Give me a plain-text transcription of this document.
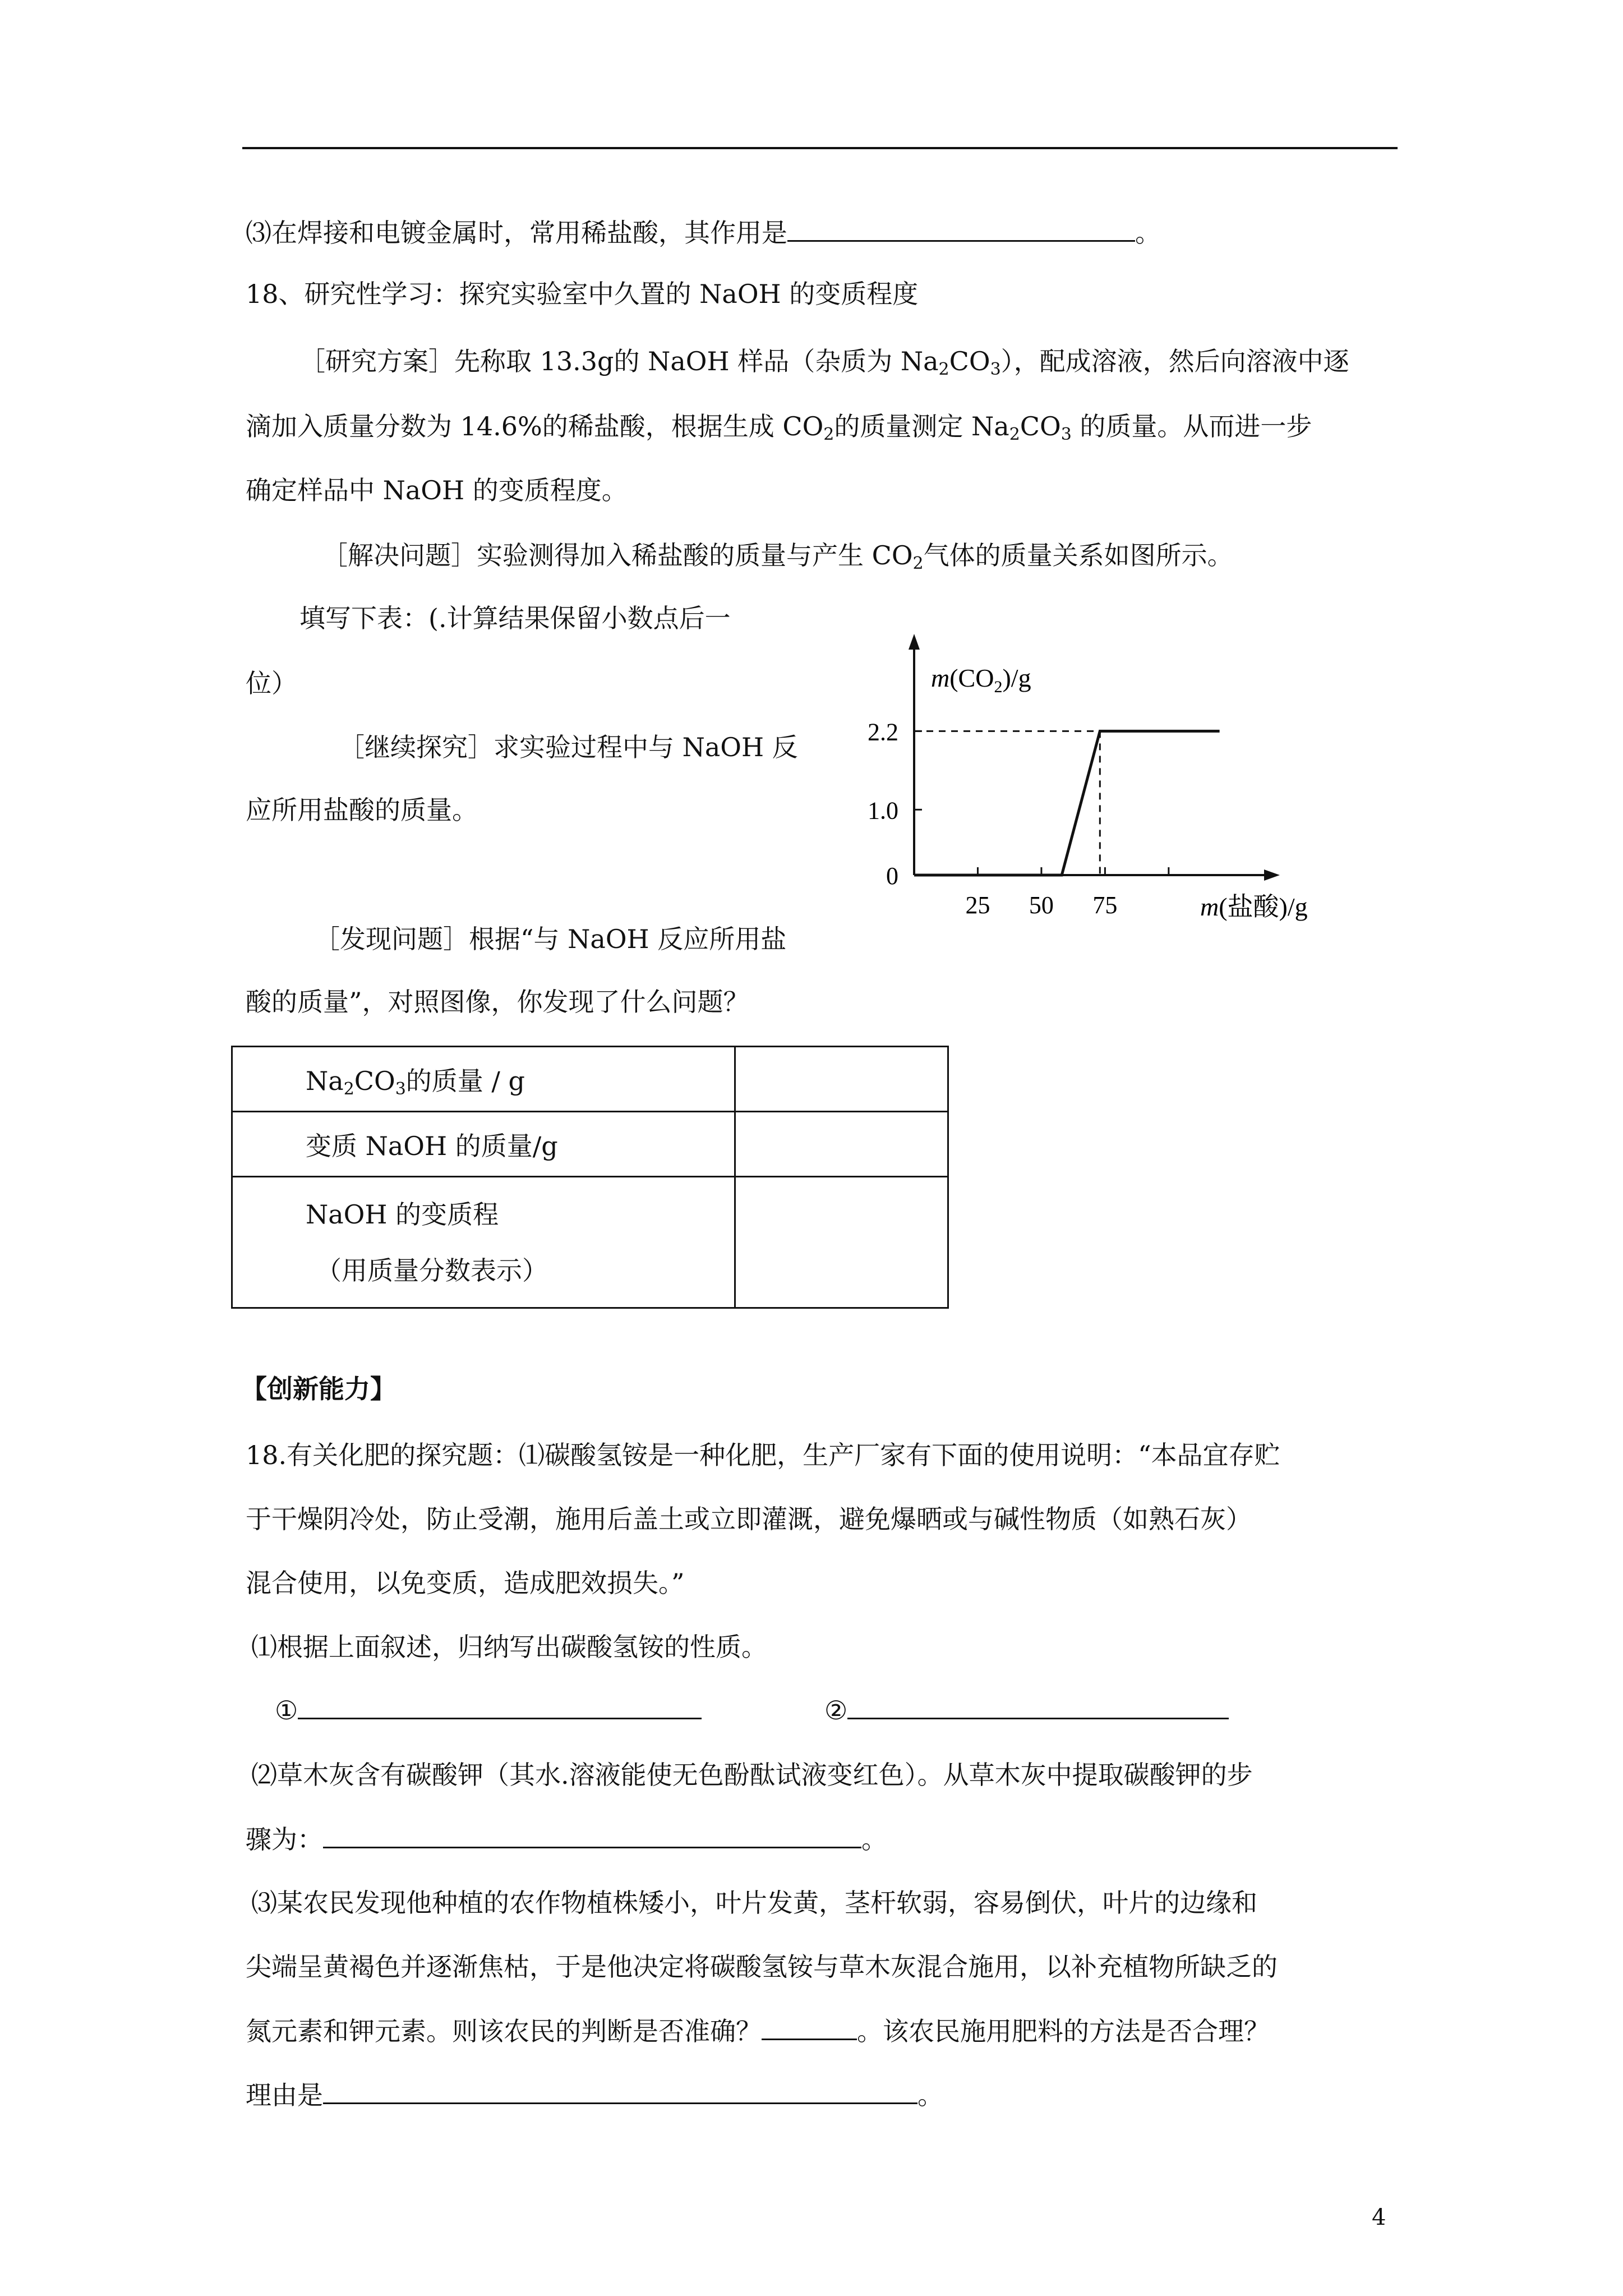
⑶在焊接和电镀金属时，常用稀盐酸，其作用是	。
18、研究性学习：探究实验室中久置的 NaOH 的变质程度
［研究方案］先称取 13.3g的 NaOH 样品（杂质为 $Na_2CO_3$），配成溶液，然后向溶液中逐
滴加入质量分数为 14.6%的稀盐酸，根据生成 $CO_2$的质量测定 $Na_2CO_3$ 的质量。从而进一步
确定样品中 NaOH 的变质程度。
［解决问题］实验测得加入稀盐酸的质量与产生 $CO_2$气体的质量关系如图所示。
填写下表：(.计算结果保留小数点后一
位）
［继续探究］求实验过程中与 NaOH 反
应所用盐酸的质量。
［发现问题］根据“与 NaOH 反应所用盐
酸的质量”，对照图像，你发现了什么问题？
$m(CO_2)/g$
m(盐酸)/g
25 50 75
0
1.0
2.2
$Na_2CO_3$的质量 / g	
变质 NaOH 的质量/g	

NaOH 的变质程
（用质量分数表示）	

【创新能力】
18.有关化肥的探究题：⑴碳酸氢铵是一种化肥，生产厂家有下面的使用说明：“本品宜存贮
于干燥阴冷处，防止受潮，施用后盖土或立即灌溉，避免爆晒或与碱性物质（如熟石灰）
混合使用，以免变质，造成肥效损失。”
⑴根据上面叙述，归纳写出碳酸氢铵的性质。
①	②
⑵草木灰含有碳酸钾（其水.溶液能使无色酚酞试液变红色）。从草木灰中提取碳酸钾的步
骤为：	。
⑶某农民发现他种植的农作物植株矮小，叶片发黄，茎杆软弱，容易倒伏，叶片的边缘和
尖端呈黄褐色并逐渐焦枯，于是他决定将碳酸氢铵与草木灰混合施用，以补充植物所缺乏的
氮元素和钾元素。则该农民的判断是否准确？	。该农民施用肥料的方法是否合理？
理由是	。
4
